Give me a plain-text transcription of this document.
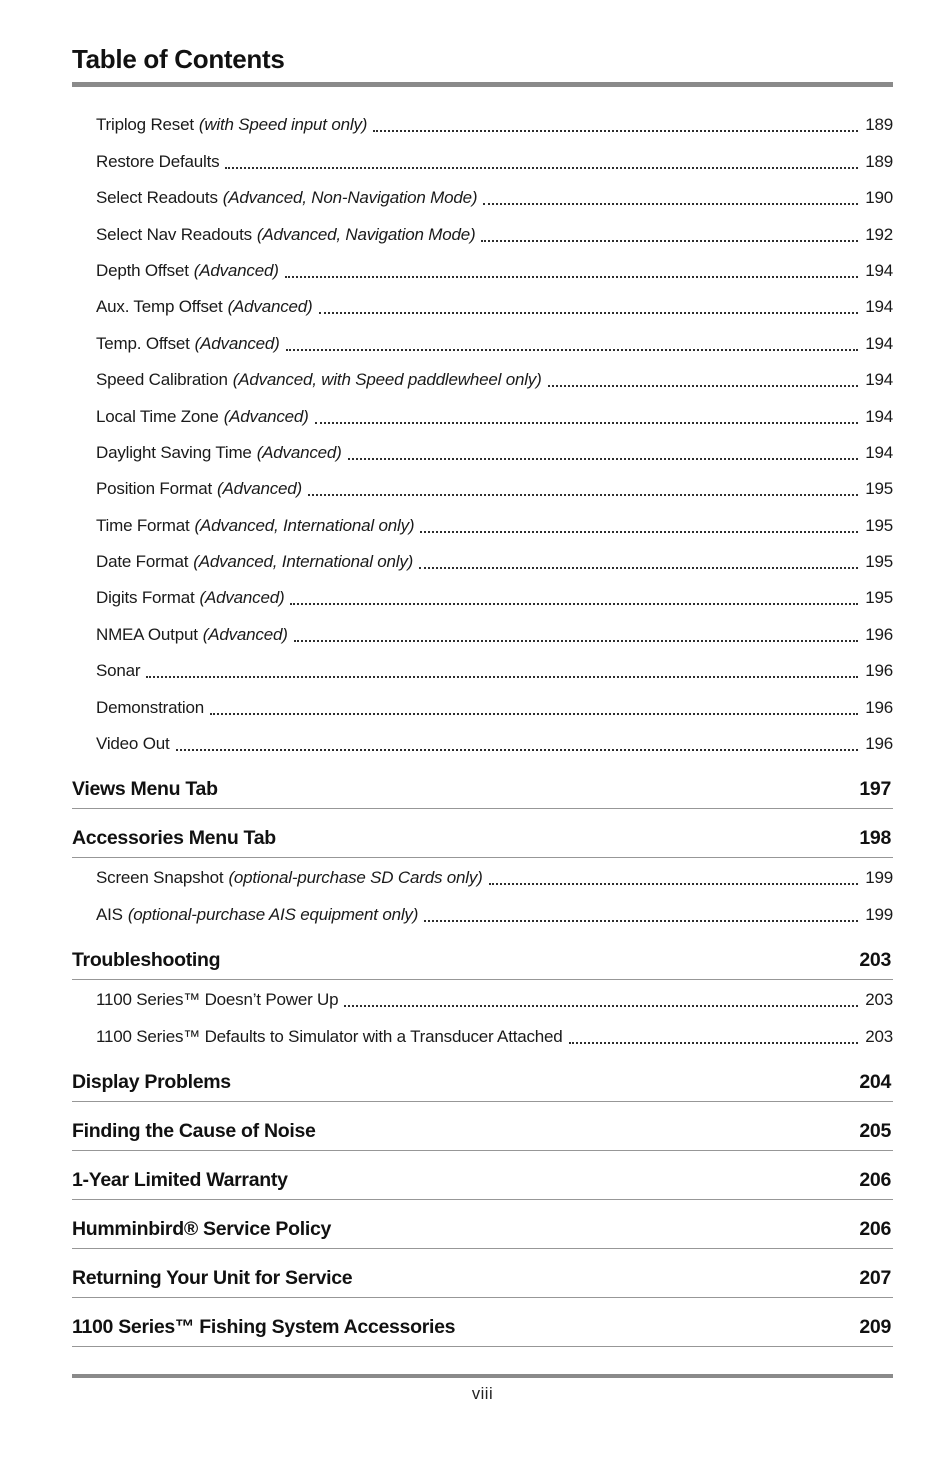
Table of Contents
Triplog Reset (with Speed input only)	189
Restore Defaults	189
Select Readouts (Advanced, Non-Navigation Mode)	190
Select Nav Readouts (Advanced, Navigation Mode)	192
Depth Offset (Advanced)	194
Aux. Temp Offset (Advanced)	194
Temp. Offset (Advanced)	194
Speed Calibration (Advanced, with Speed paddlewheel only)	194
Local Time Zone (Advanced)	194
Daylight Saving Time (Advanced)	194
Position Format (Advanced)	195
Time Format (Advanced, International only)	195
Date Format (Advanced, International only)	195
Digits Format (Advanced)	195
NMEA Output (Advanced)	196
Sonar	196
Demonstration	196
Video Out	196
Views Menu Tab	197
Accessories Menu Tab	198
Screen Snapshot (optional-purchase SD Cards only)	199
AIS (optional-purchase AIS equipment only)	199
Troubleshooting	203
1100 Series™ Doesn’t Power Up	203
1100 Series™ Defaults to Simulator with a Transducer Attached	203
Display Problems	204
Finding the Cause of Noise	205
1-Year Limited Warranty	206
Humminbird® Service Policy	206
Returning Your Unit for Service	207
1100 Series™ Fishing System Accessories	209
viii
